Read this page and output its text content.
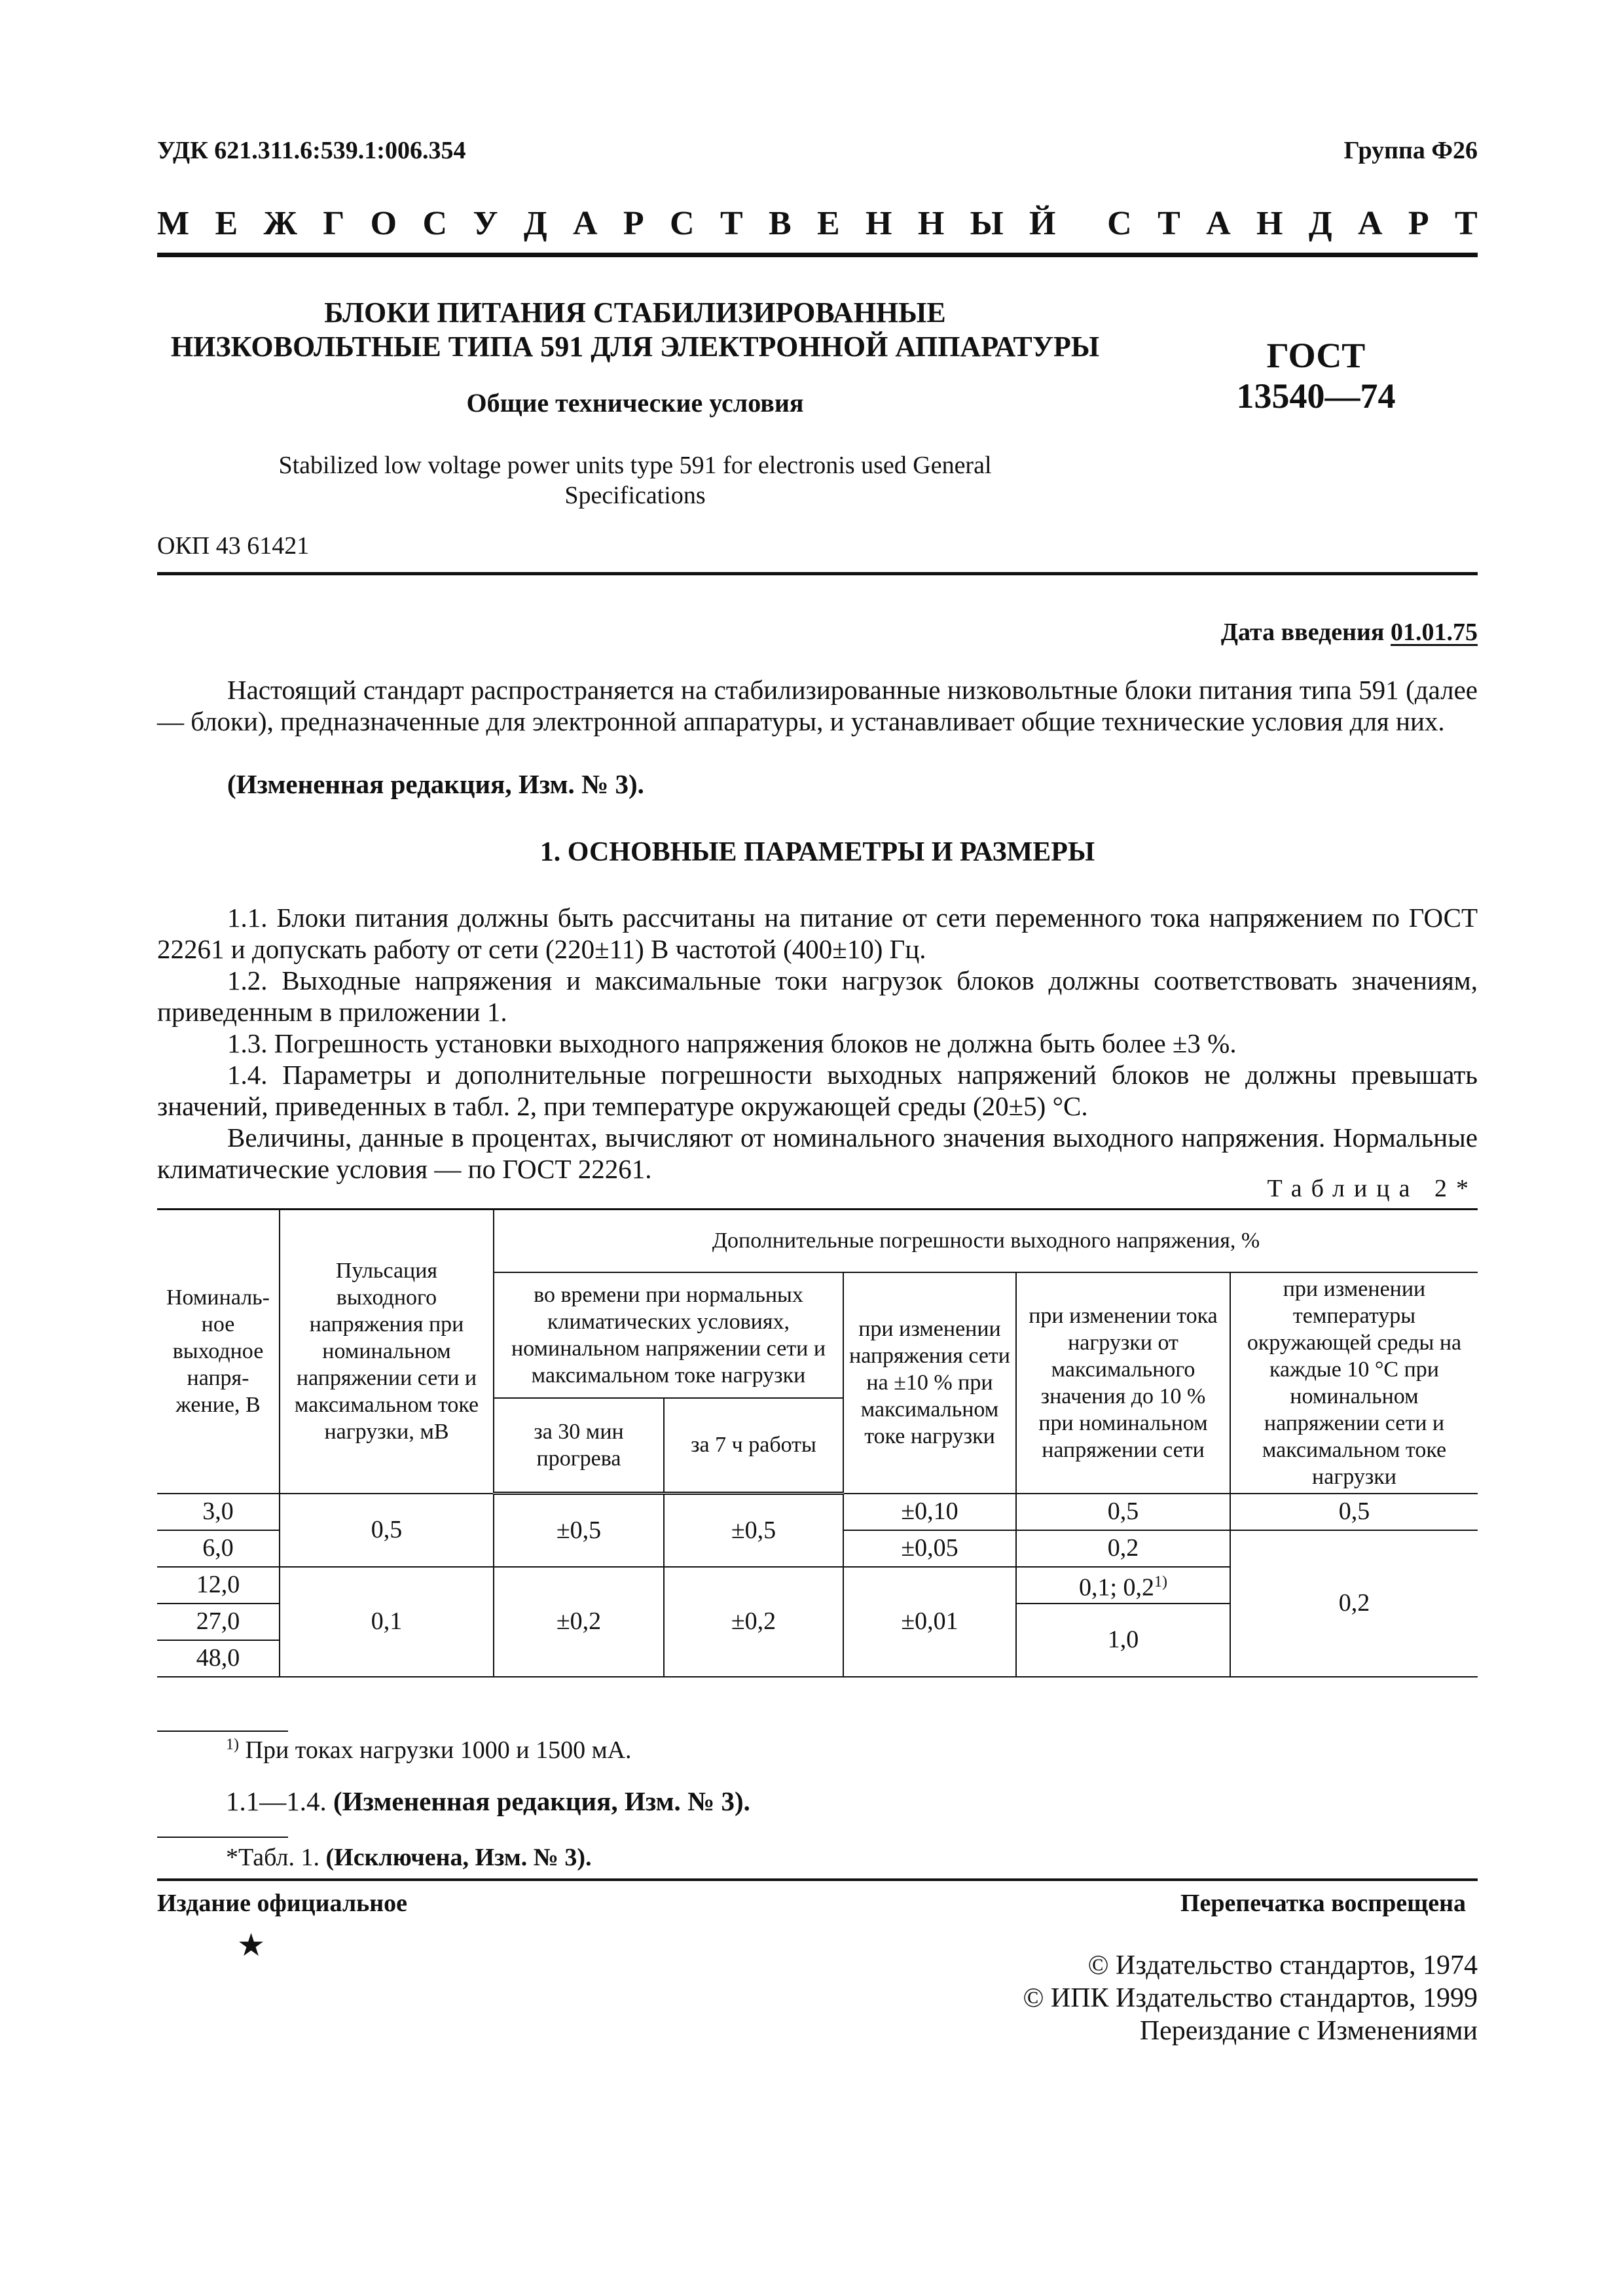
УДК 621.311.6:539.1:006.354	Группа Ф26
М Е Ж Г О С У Д А Р С Т В Е Н Н Ы Й С Т А Н Д А Р Т
БЛОКИ ПИТАНИЯ СТАБИЛИЗИРОВАННЫЕ
НИЗКОВОЛЬТНЫЕ ТИПА 591 ДЛЯ ЭЛЕКТРОННОЙ АППАРАТУРЫ
Общие технические условия
ГОСТ
13540—74
Stabilized low voltage power units type 591 for electronis used General Specifications
ОКП 43 61421
Дата введения 01.01.75
Настоящий стандарт распространяется на стабилизированные низковольтные блоки питания типа 591 (далее — блоки), предназначенные для электронной аппаратуры, и устанавливает общие технические условия для них.
(Измененная редакция, Изм. № 3).
1. ОСНОВНЫЕ ПАРАМЕТРЫ И РАЗМЕРЫ
1.1. Блоки питания должны быть рассчитаны на питание от сети переменного тока напряжением по ГОСТ 22261 и допускать работу от сети (220±11) В частотой (400±10) Гц.
1.2. Выходные напряжения и максимальные токи нагрузок блоков должны соответствовать значениям, приведенным в приложении 1.
1.3. Погрешность установки выходного напряжения блоков не должна быть более ±3 %.
1.4. Параметры и дополнительные погрешности выходных напряжений блоков не должны превышать значений, приведенных в табл. 2, при температуре окружающей среды (20±5) °С.
Величины, данные в процентах, вычисляют от номинального значения выходного напряжения. Нормальные климатические условия — по ГОСТ 22261.
Таблица 2*
Номиналь-ное выходное напря-жение, В	Пульсация выходного напряжения при номинальном напряжении сети и максимальном токе нагрузки, мВ	Дополнительные погрешности выходного напряжения, %				
		во времени при нормальных климатических условиях, номинальном напряжении сети и максимальном токе нагрузки		при изменении напряжения сети на ±10 % при максимальном токе нагрузки	при изменении тока нагрузки от максимального значения до 10 % при номинальном напряжении сети	при изменении температуры окружающей среды на каждые 10 °С при номинальном напряжении сети и максимальном токе нагрузки
		за 30 мин прогрева	за 7 ч работы			
3,0	0,5	±0,5	±0,5	±0,10	0,5	0,5
6,0				±0,05	0,2	0,2
12,0	0,1	±0,2	±0,2	±0,01	0,1; 0,2$^{1)}$
27,0					1,0	
48,0						
$^{1)}$ При токах нагрузки 1000 и 1500 мА.
1.1—1.4. (Измененная редакция, Изм. № 3).
*Табл. 1. (Исключена, Изм. № 3).
Издание официальное	Перепечатка воспрещена
★
© Издательство стандартов, 1974
© ИПК Издательство стандартов, 1999
Переиздание с Изменениями
